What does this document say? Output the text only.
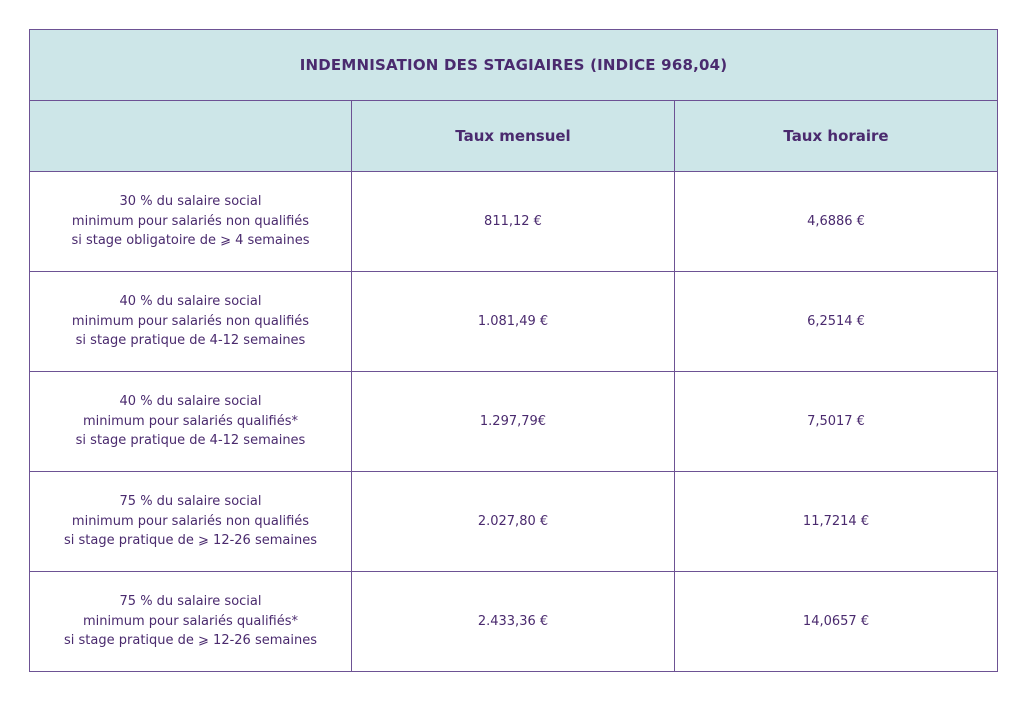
INDEMNISATION DES STAGIAIRES (INDICE 968,04)		
	Taux mensuel	Taux horaire

30 % du salaire social
minimum pour salariés non qualifiés
si stage obligatoire de ⩾ 4 semaines	811,12 €	4,6886 €

40 % du salaire social
minimum pour salariés non qualifiés
si stage pratique de 4-12 semaines	1.081,49 €	6,2514 €

40 % du salaire social
minimum pour salariés qualifiés*
si stage pratique de 4-12 semaines	1.297,79€	7,5017 €

75 % du salaire social
minimum pour salariés non qualifiés
si stage pratique de ⩾ 12-26 semaines	2.027,80 €	11,7214 €

75 % du salaire social
minimum pour salariés qualifiés*
si stage pratique de ⩾ 12-26 semaines	2.433,36 €	14,0657 €
